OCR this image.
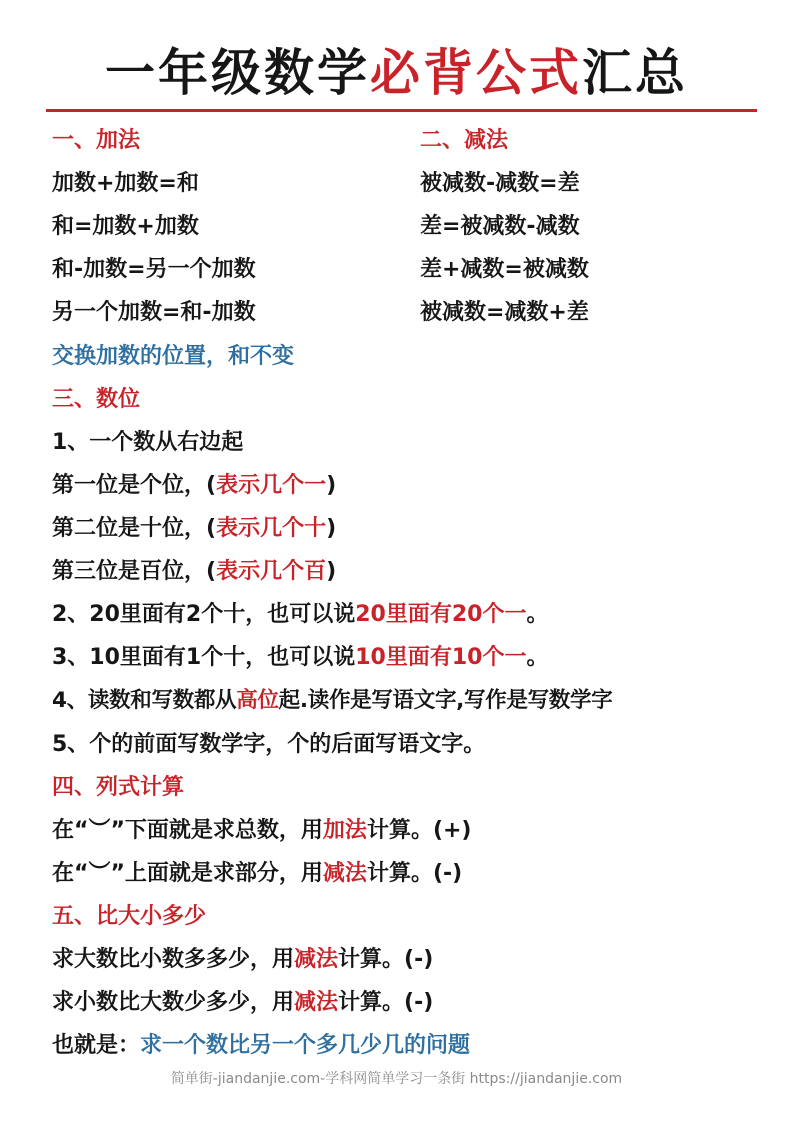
一年级数学必背公式汇总
一、加法
加数+加数=和
和=加数+加数
和-加数=另一个加数
另一个加数=和-加数
交换加数的位置，和不变
二、减法
被减数-减数=差
差=被减数-减数
差+减数=被减数
被减数=减数+差
三、数位
1、一个数从右边起
第一位是个位，(表示几个一)
第二位是十位，(表示几个十)
第三位是百位，(表示几个百)
2、20里面有2个十，也可以说20里面有20个一。
3、10里面有1个十，也可以说10里面有10个一。
4、读数和写数都从高位起.读作是写语文字,写作是写数学字
5、个的前面写数学字，个的后面写语文字。
四、列式计算
在“︶”下面就是求总数，用加法计算。(+)
在“︶”上面就是求部分，用减法计算。(-)
五、比大小多少
求大数比小数多多少，用减法计算。(-)
求小数比大数少多少，用减法计算。(-)
也就是：求一个数比另一个多几少几的问题
简单街-jiandanjie.com-学科网简单学习一条街 https://jiandanjie.com
